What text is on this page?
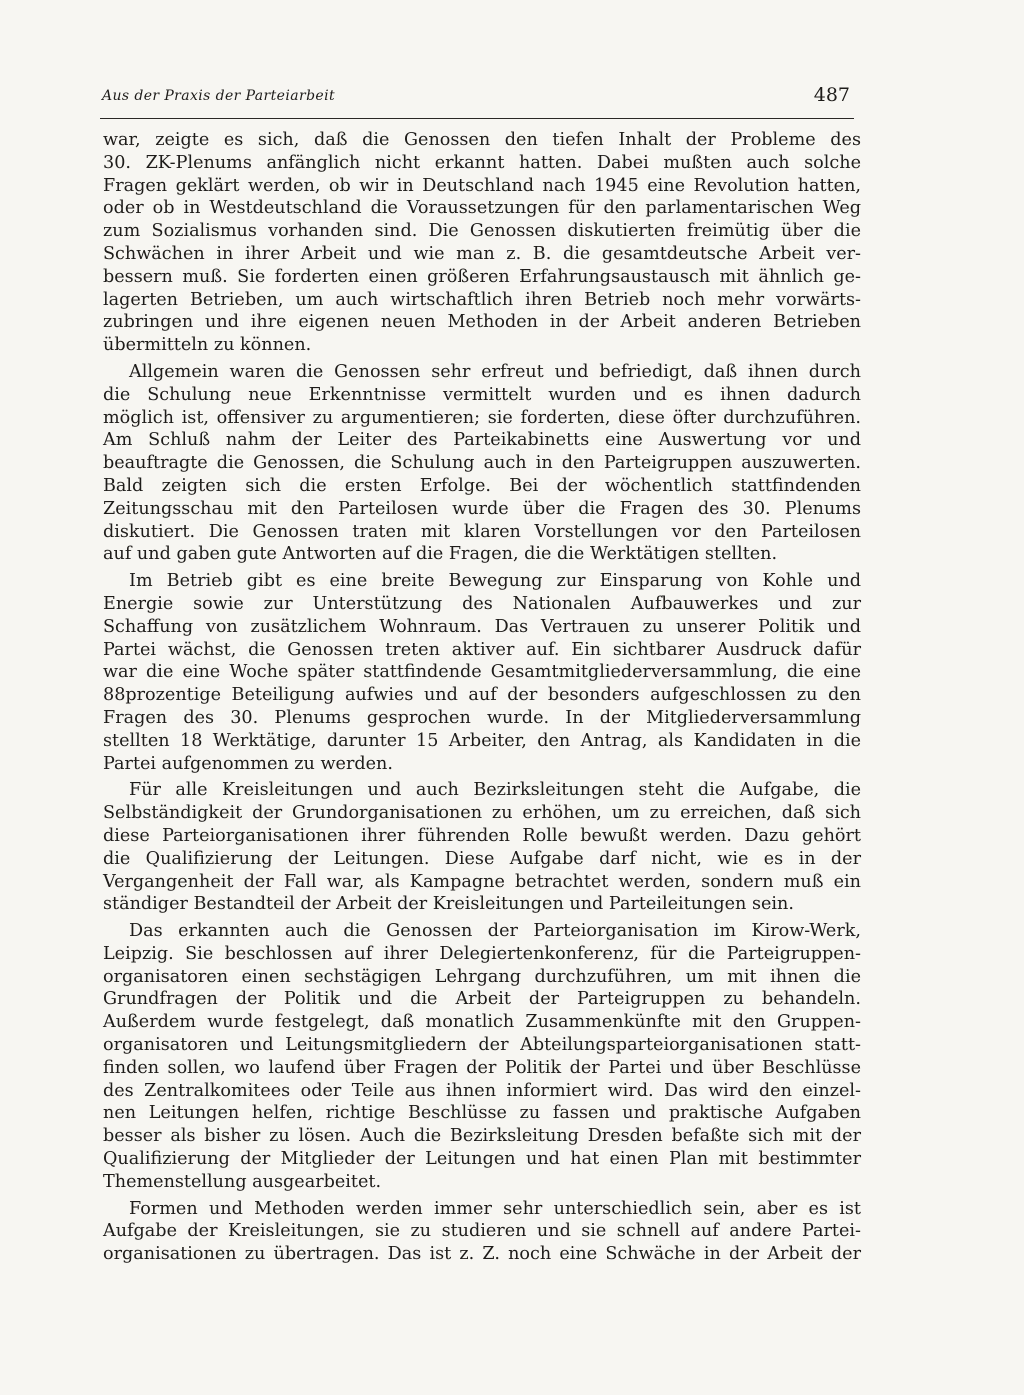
Aus der Praxis der Parteiarbeit	487
war, zeigte es sich, daß die Genossen den tiefen Inhalt der Probleme des
30. ZK-Plenums anfänglich nicht erkannt hatten. Dabei mußten auch solche
Fragen geklärt werden, ob wir in Deutschland nach 1945 eine Revolution hatten,
oder ob in Westdeutschland die Voraussetzungen für den parlamentarischen Weg
zum Sozialismus vorhanden sind. Die Genossen diskutierten freimütig über die
Schwächen in ihrer Arbeit und wie man z. B. die gesamtdeutsche Arbeit ver-
bessern muß. Sie forderten einen größeren Erfahrungsaustausch mit ähnlich ge-
lagerten Betrieben, um auch wirtschaftlich ihren Betrieb noch mehr vorwärts-
zubringen und ihre eigenen neuen Methoden in der Arbeit anderen Betrieben
übermitteln zu können.
Allgemein waren die Genossen sehr erfreut und befriedigt, daß ihnen durch
die Schulung neue Erkenntnisse vermittelt wurden und es ihnen dadurch
möglich ist, offensiver zu argumentieren; sie forderten, diese öfter durchzuführen.
Am Schluß nahm der Leiter des Parteikabinetts eine Auswertung vor und
beauftragte die Genossen, die Schulung auch in den Parteigruppen auszuwerten.
Bald zeigten sich die ersten Erfolge. Bei der wöchentlich stattfindenden
Zeitungsschau mit den Parteilosen wurde über die Fragen des 30. Plenums
diskutiert. Die Genossen traten mit klaren Vorstellungen vor den Parteilosen
auf und gaben gute Antworten auf die Fragen, die die Werktätigen stellten.
Im Betrieb gibt es eine breite Bewegung zur Einsparung von Kohle und
Energie sowie zur Unterstützung des Nationalen Aufbauwerkes und zur
Schaffung von zusätzlichem Wohnraum. Das Vertrauen zu unserer Politik und
Partei wächst, die Genossen treten aktiver auf. Ein sichtbarer Ausdruck dafür
war die eine Woche später stattfindende Gesamtmitgliederversammlung, die eine
88prozentige Beteiligung aufwies und auf der besonders aufgeschlossen zu den
Fragen des 30. Plenums gesprochen wurde. In der Mitgliederversammlung
stellten 18 Werktätige, darunter 15 Arbeiter, den Antrag, als Kandidaten in die
Partei aufgenommen zu werden.
Für alle Kreisleitungen und auch Bezirksleitungen steht die Aufgabe, die
Selbständigkeit der Grundorganisationen zu erhöhen, um zu erreichen, daß sich
diese Parteiorganisationen ihrer führenden Rolle bewußt werden. Dazu gehört
die Qualifizierung der Leitungen. Diese Aufgabe darf nicht, wie es in der
Vergangenheit der Fall war, als Kampagne betrachtet werden, sondern muß ein
ständiger Bestandteil der Arbeit der Kreisleitungen und Parteileitungen sein.
Das erkannten auch die Genossen der Parteiorganisation im Kirow-Werk,
Leipzig. Sie beschlossen auf ihrer Delegiertenkonferenz, für die Parteigruppen-
organisatoren einen sechstägigen Lehrgang durchzuführen, um mit ihnen die
Grundfragen der Politik und die Arbeit der Parteigruppen zu behandeln.
Außerdem wurde festgelegt, daß monatlich Zusammenkünfte mit den Gruppen-
organisatoren und Leitungsmitgliedern der Abteilungsparteiorganisationen statt-
finden sollen, wo laufend über Fragen der Politik der Partei und über Beschlüsse
des Zentralkomitees oder Teile aus ihnen informiert wird. Das wird den einzel-
nen Leitungen helfen, richtige Beschlüsse zu fassen und praktische Aufgaben
besser als bisher zu lösen. Auch die Bezirksleitung Dresden befaßte sich mit der
Qualifizierung der Mitglieder der Leitungen und hat einen Plan mit bestimmter
Themenstellung ausgearbeitet.
Formen und Methoden werden immer sehr unterschiedlich sein, aber es ist
Aufgabe der Kreisleitungen, sie zu studieren und sie schnell auf andere Partei-
organisationen zu übertragen. Das ist z. Z. noch eine Schwäche in der Arbeit der
